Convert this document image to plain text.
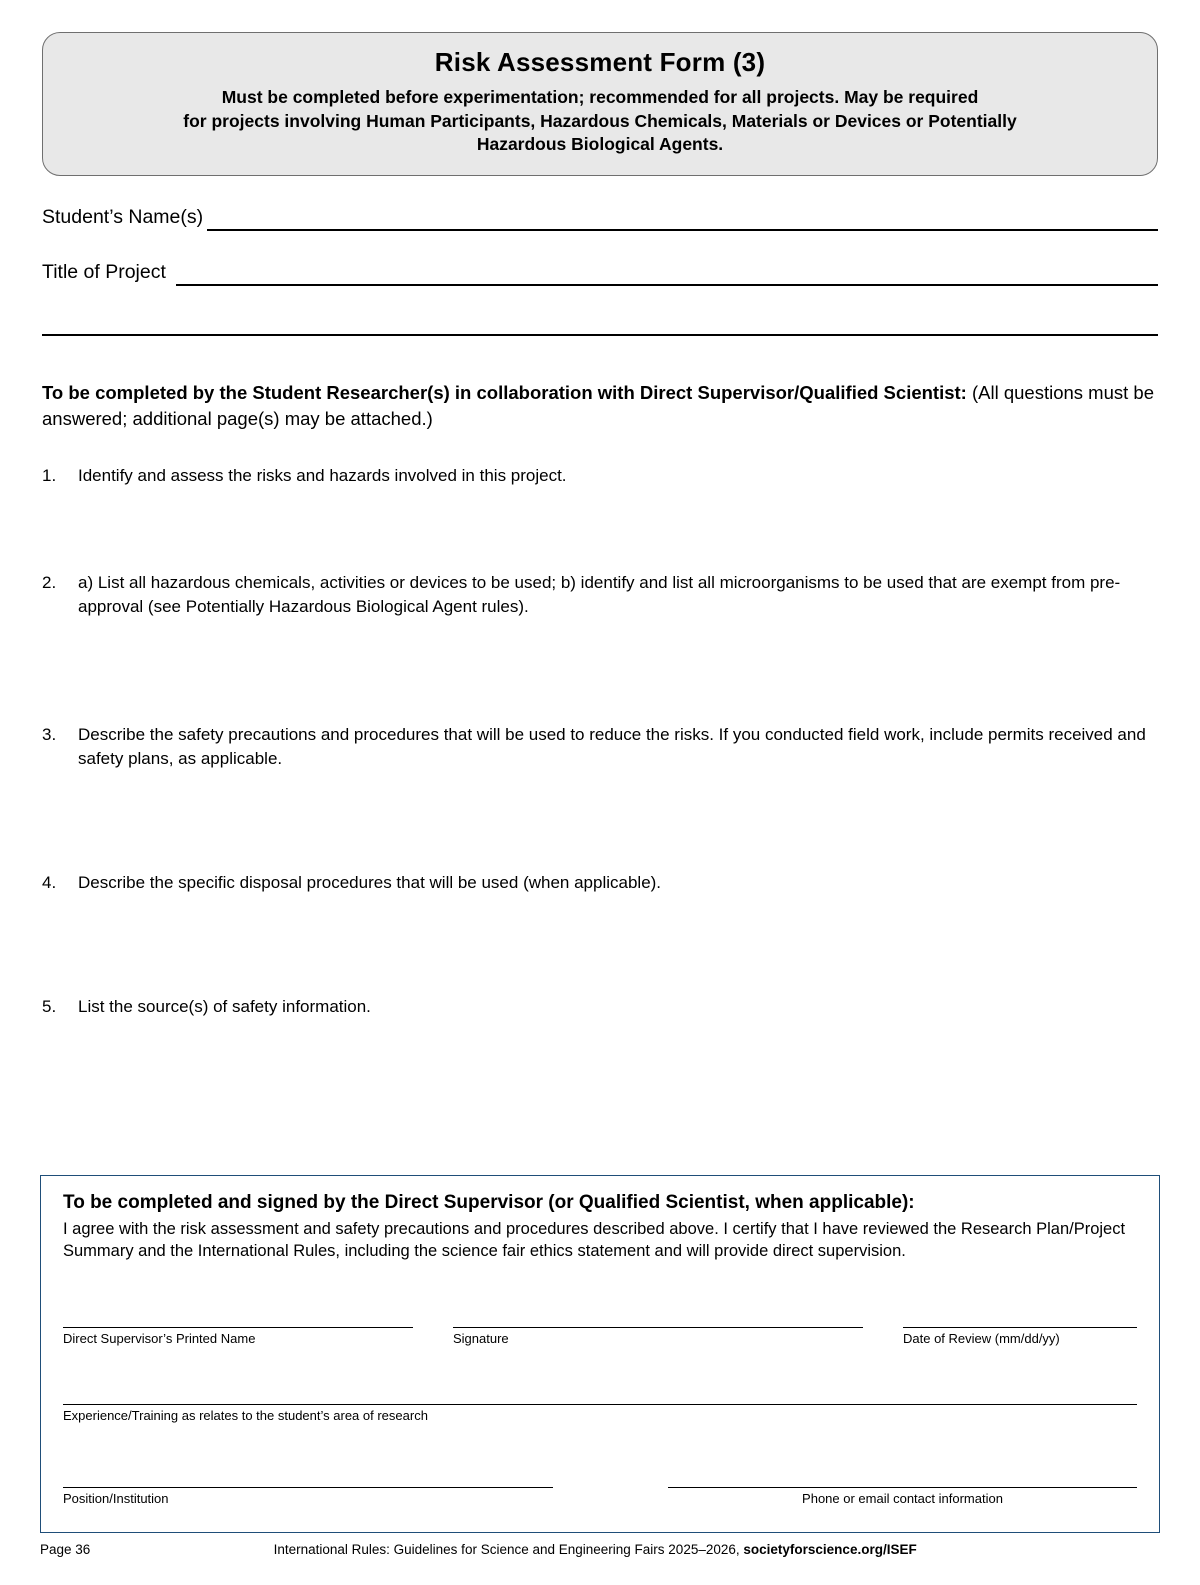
Risk Assessment Form (3)
Must be completed before experimentation; recommended for all projects. May be required
for projects involving Human Participants, Hazardous Chemicals, Materials or Devices or Potentially
Hazardous Biological Agents.
Student’s Name(s)
Title of Project
To be completed by the Student Researcher(s) in collaboration with Direct Supervisor/Qualified Scientist: (All questions must be answered; additional page(s) may be attached.)
1.	Identify and assess the risks and hazards involved in this project.
2.	a) List all hazardous chemicals, activities or devices to be used; b) identify and list all microorganisms to be used that are exempt from pre-approval (see Potentially Hazardous Biological Agent rules).
3.	Describe the safety precautions and procedures that will be used to reduce the risks. If you conducted field work, include permits received and safety plans, as applicable.
4.	Describe the specific disposal procedures that will be used (when applicable).
5.	List the source(s) of safety information.
To be completed and signed by the Direct Supervisor (or Qualified Scientist, when applicable):
I agree with the risk assessment and safety precautions and procedures described above. I certify that I have reviewed the Research Plan/Project Summary and the International Rules, including the science fair ethics statement and will provide direct supervision.
Direct Supervisor’s Printed Name	Signature	Date of Review (mm/dd/yy)
Experience/Training as relates to the student’s area of research
Position/Institution	Phone or email contact information
Page 36	International Rules: Guidelines for Science and Engineering Fairs 2025–2026, societyforscience.org/ISEF
